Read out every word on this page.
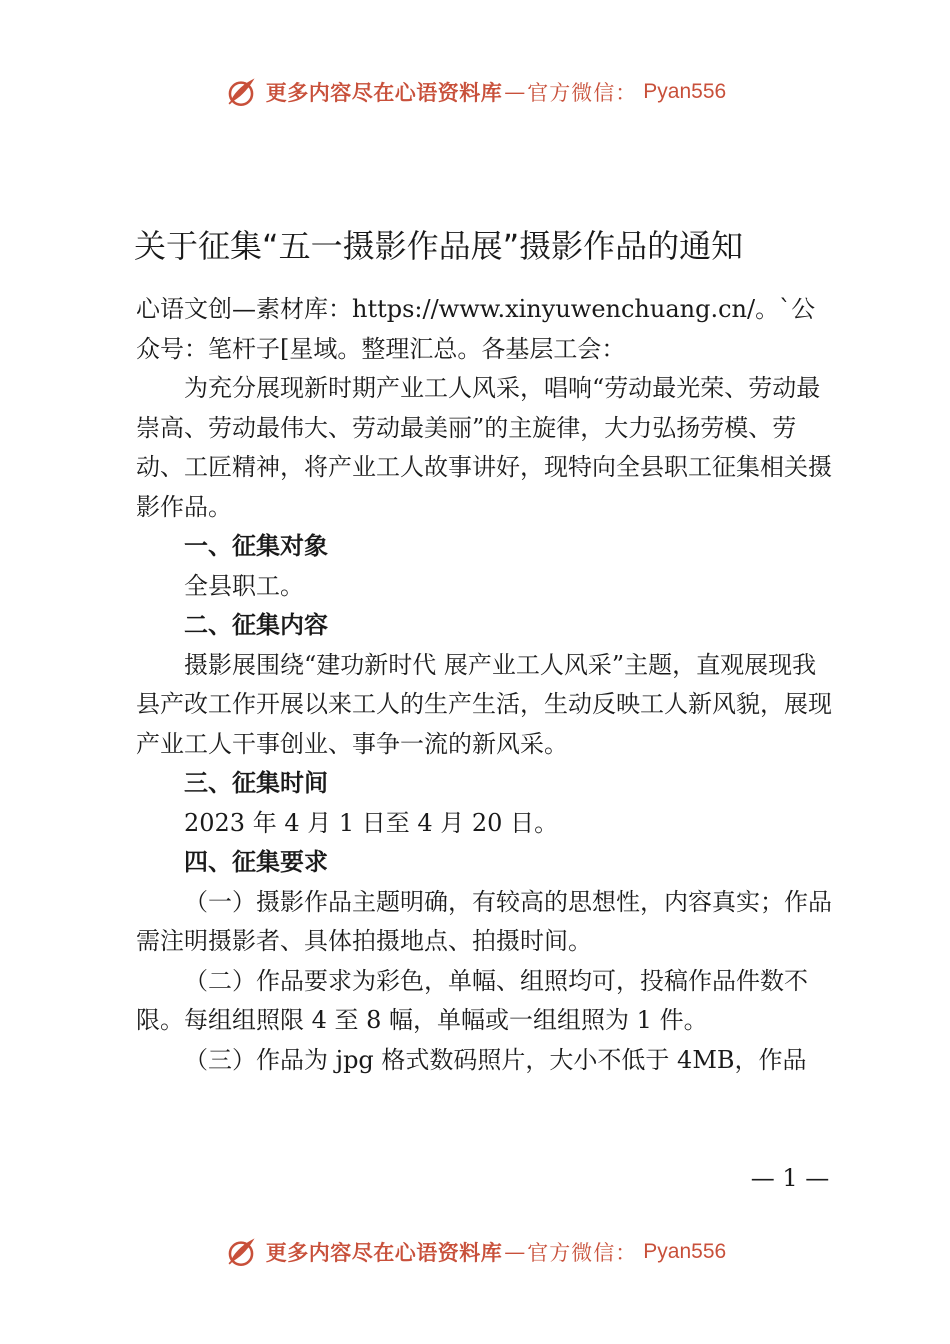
更多内容尽在心语资料库 — 官方微信： Pyan556
关于征集“五一摄影作品展”摄影作品的通知

心语文创—素材库：https://www.xinyuwenchuang.cn/。`公众号：笔杆子[星域。整理汇总。各基层工会：

为充分展现新时期产业工人风采，唱响“劳动最光荣、劳动最崇高、劳动最伟大、劳动最美丽”的主旋律，大力弘扬劳模、劳动、工匠精神，将产业工人故事讲好，现特向全县职工征集相关摄影作品。

一、征集对象

全县职工。

二、征集内容

摄影展围绕“建功新时代 展产业工人风采”主题，直观展现我县产改工作开展以来工人的生产生活，生动反映工人新风貌，展现产业工人干事创业、事争一流的新风采。

三、征集时间

2023 年 4 月 1 日至 4 月 20 日。

四、征集要求

（一）摄影作品主题明确，有较高的思想性，内容真实；作品需注明摄影者、具体拍摄地点、拍摄时间。

（二）作品要求为彩色，单幅、组照均可，投稿作品件数不限。每组组照限 4 至 8 幅，单幅或一组组照为 1 件。

（三）作品为 jpg 格式数码照片，大小不低于 4MB，作品

— 1 —
更多内容尽在心语资料库 — 官方微信： Pyan556
